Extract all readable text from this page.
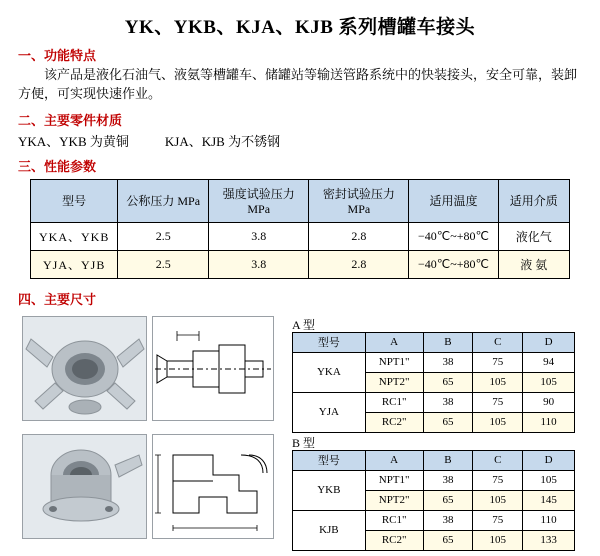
YK、YKB、KJA、KJB 系列槽罐车接头
一、功能特点
该产品是液化石油气、液氨等槽罐车、储罐站等输送管路系统中的快装接头，安全可靠，装卸方便，可实现快速作业。
二、主要零件材质
YKA、YKB 为黄铜	KJA、KJB 为不锈钢
三、性能参数
型号	公称压力 MPa	强度试验压力 MPa	密封试验压力 MPa	适用温度	适用介质
YKA、YKB	2.5	3.8	2.8	−40℃~+80℃	液化气
YJA、YJB	2.5	3.8	2.8	−40℃~+80℃	液 氨
四、主要尺寸
A 型
型号	A	B	C	D
YKA	NPT1"	38	75	94
	NPT2"	65	105	105
YJA	RC1"	38	75	90
	RC2"	65	105	110
B 型
型号	A	B	C	D
YKB	NPT1"	38	75	105
	NPT2"	65	105	145
KJB	RC1"	38	75	110
	RC2"	65	105	133
